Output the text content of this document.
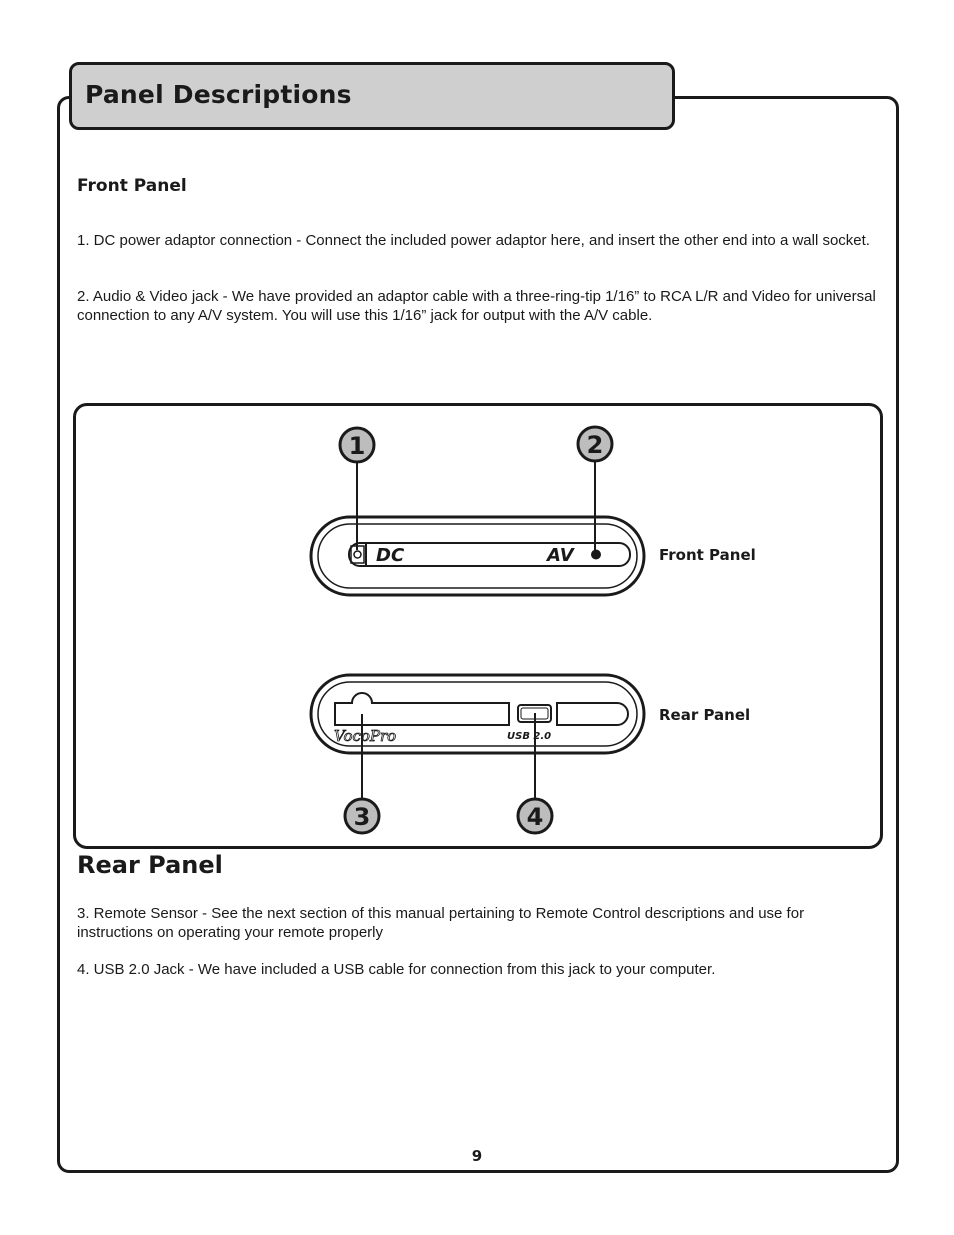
Panel Descriptions
Front Panel

1. DC power adaptor connection - Connect the included power adaptor here, and insert the other end into a wall socket.

2. Audio & Video jack - We have provided an adaptor cable with a three-ring-tip 1/16” to RCA L/R and Video for universal connection to any A/V system. You will use this 1/16” jack for output with the A/V cable.

DC	AV
VocoPro	USB 2.0
1	2
3	4
Front Panel
Rear Panel
Rear Panel

3. Remote Sensor - See the next section of this manual pertaining to Remote Control descriptions and use for instructions on operating your remote properly

4. USB 2.0 Jack - We have included a USB cable for connection from this jack to your computer.

9
